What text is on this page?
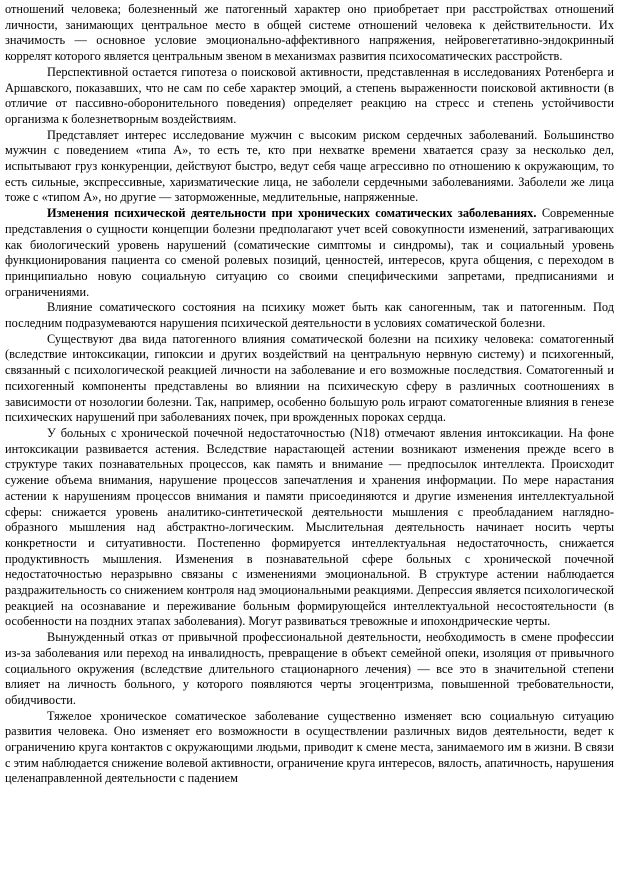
отношений человека; болезненный же патогенный характер оно приобретает при расстройствах отношений личности, занимающих центральное место в общей системе отношений человека к действительности. Их значимость — основное условие эмоционально-аффективного напряжения, нейровегетативно-эндокринный коррелят которого является центральным звеном в механизмах развития психосоматических расстройств.

Перспективной остается гипотеза о поисковой активности, представленная в исследованиях Ротенберга и Аршавского, показавших, что не сам по себе характер эмоций, а степень выраженности поисковой активности (в отличие от пассивно-оборонительного поведения) определяет реакцию на стресс и степень устойчивости организма к болезнетворным воздействиям.

Представляет интерес исследование мужчин с высоким риском сердечных заболеваний. Большинство мужчин с поведением «типа А», то есть те, кто при нехватке времени хватается сразу за несколько дел, испытывают груз конкуренции, действуют быстро, ведут себя чаще агрессивно по отношению к окружающим, то есть сильные, экспрессивные, харизматические лица, не заболели сердечными заболеваниями. Заболели же лица тоже с «типом А», но другие — заторможенные, медлительные, напряженные.

Изменения психической деятельности при хронических соматических заболеваниях. Современные представления о сущности концепции болезни предполагают учет всей совокупности изменений, затрагивающих как биологический уровень нарушений (соматические симптомы и синдромы), так и социальный уровень функционирования пациента со сменой ролевых позиций, ценностей, интересов, круга общения, с переходом в принципиально новую социальную ситуацию со своими специфическими запретами, предписаниями и ограничениями.

Влияние соматического состояния на психику может быть как саногенным, так и патогенным. Под последним подразумеваются нарушения психической деятельности в условиях соматической болезни.

Существуют два вида патогенного влияния соматической болезни на психику человека: соматогенный (вследствие интоксикации, гипоксии и других воздействий на центральную нервную систему) и психогенный, связанный с психологической реакцией личности на заболевание и его возможные последствия. Соматогенный и психогенный компоненты представлены во влиянии на психическую сферу в различных соотношениях в зависимости от нозологии болезни. Так, например, особенно большую роль играют соматогенные влияния в генезе психических нарушений при заболеваниях почек, при врожденных пороках сердца.

У больных с хронической почечной недостаточностью (N18) отмечают явления интоксикации. На фоне интоксикации развивается астения. Вследствие нарастающей астении возникают изменения прежде всего в структуре таких познавательных процессов, как память и внимание — предпосылок интеллекта. Происходит сужение объема внимания, нарушение процессов запечатления и хранения информации. По мере нарастания астении к нарушениям процессов внимания и памяти присоединяются и другие изменения интеллектуальной сферы: снижается уровень аналитико-синтетической деятельности мышления с преобладанием наглядно-образного мышления над абстрактно-логическим. Мыслительная деятельность начинает носить черты конкретности и ситуативности. Постепенно формируется интеллектуальная недостаточность, снижается продуктивность мышления. Изменения в познавательной сфере больных с хронической почечной недостаточностью неразрывно связаны с изменениями эмоциональной. В структуре астении наблюдается раздражительность со снижением контроля над эмоциональными реакциями. Депрессия является психологической реакцией на осознавание и переживание больным формирующейся интеллектуальной несостоятельности (в особенности на поздних этапах заболевания). Могут развиваться тревожные и ипохондрические черты.

Вынужденный отказ от привычной профессиональной деятельности, необходимость в смене профессии из-за заболевания или переход на инвалидность, превращение в объект семейной опеки, изоляция от привычного социального окружения (вследствие длительного стационарного лечения) — все это в значительной степени влияет на личность больного, у которого появляются черты эгоцентризма, повышенной требовательности, обидчивости.

Тяжелое хроническое соматическое заболевание существенно изменяет всю социальную ситуацию развития человека. Оно изменяет его возможности в осуществлении различных видов деятельности, ведет к ограничению круга контактов с окружающими людьми, приводит к смене места, занимаемого им в жизни. В связи с этим наблюдается снижение волевой активности, ограничение круга интересов, вялость, апатичность, нарушения целенаправленной деятельности с падением
